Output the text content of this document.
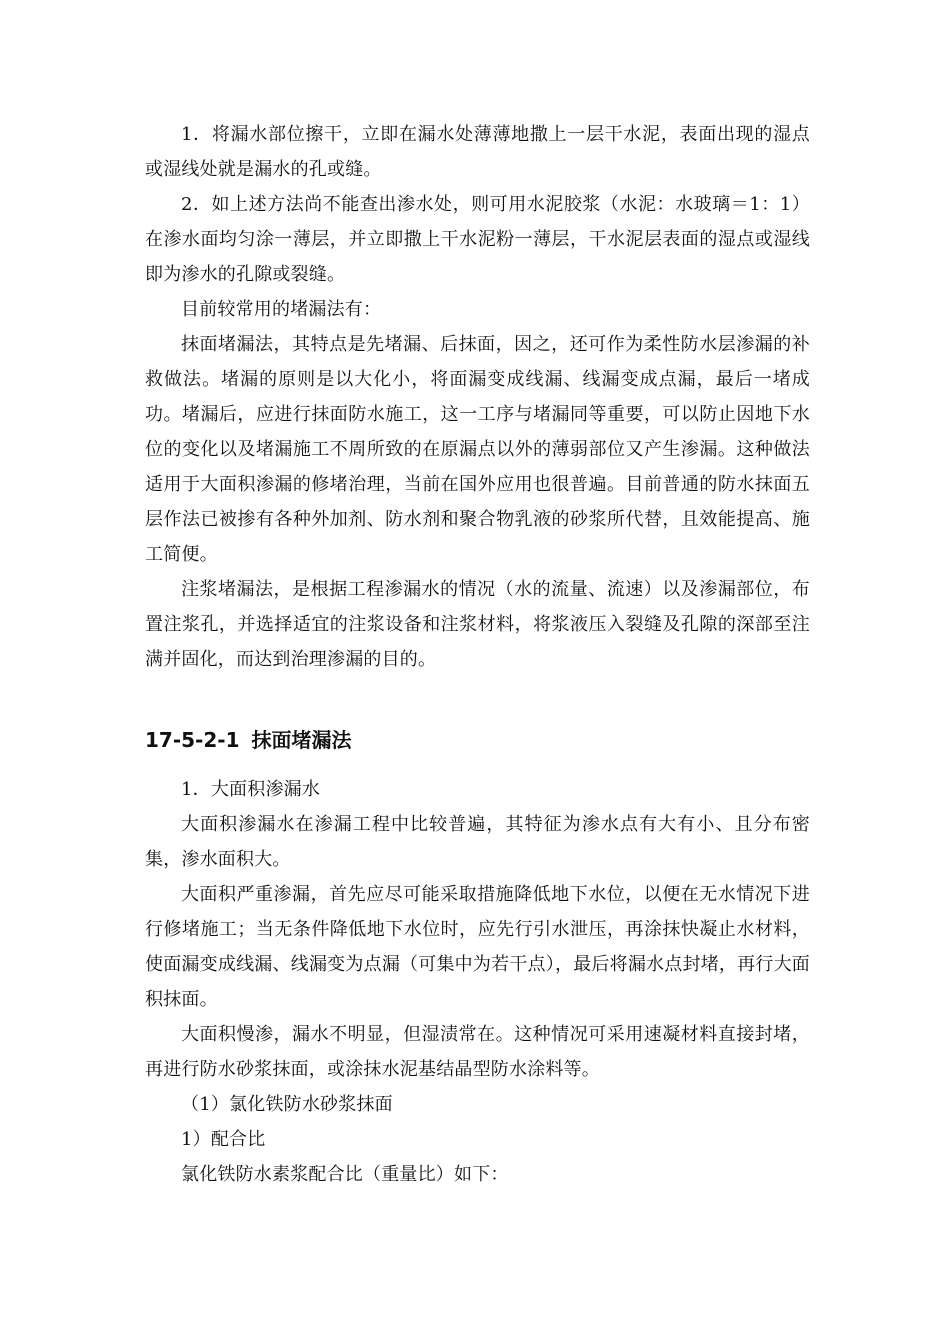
1．将漏水部位擦干，立即在漏水处薄薄地撒上一层干水泥，表面出现的湿点或湿线处就是漏水的孔或缝。

2．如上述方法尚不能查出渗水处，则可用水泥胶浆（水泥：水玻璃＝1：1）在渗水面均匀涂一薄层，并立即撒上干水泥粉一薄层，干水泥层表面的湿点或湿线即为渗水的孔隙或裂缝。

目前较常用的堵漏法有：

抹面堵漏法，其特点是先堵漏、后抹面，因之，还可作为柔性防水层渗漏的补救做法。堵漏的原则是以大化小，将面漏变成线漏、线漏变成点漏，最后一堵成功。堵漏后，应进行抹面防水施工，这一工序与堵漏同等重要，可以防止因地下水位的变化以及堵漏施工不周所致的在原漏点以外的薄弱部位又产生渗漏。这种做法适用于大面积渗漏的修堵治理，当前在国外应用也很普遍。目前普通的防水抹面五层作法已被掺有各种外加剂、防水剂和聚合物乳液的砂浆所代替，且效能提高、施工简便。

注浆堵漏法，是根据工程渗漏水的情况（水的流量、流速）以及渗漏部位，布置注浆孔，并选择适宜的注浆设备和注浆材料，将浆液压入裂缝及孔隙的深部至注满并固化，而达到治理渗漏的目的。

17-5-2-1 抹面堵漏法

1．大面积渗漏水

大面积渗漏水在渗漏工程中比较普遍，其特征为渗水点有大有小、且分布密集，渗水面积大。

大面积严重渗漏，首先应尽可能采取措施降低地下水位，以便在无水情况下进行修堵施工；当无条件降低地下水位时，应先行引水泄压，再涂抹快凝止水材料，使面漏变成线漏、线漏变为点漏（可集中为若干点），最后将漏水点封堵，再行大面积抹面。

大面积慢渗，漏水不明显，但湿渍常在。这种情况可采用速凝材料直接封堵，再进行防水砂浆抹面，或涂抹水泥基结晶型防水涂料等。

（1）氯化铁防水砂浆抹面

1）配合比

氯化铁防水素浆配合比（重量比）如下：
